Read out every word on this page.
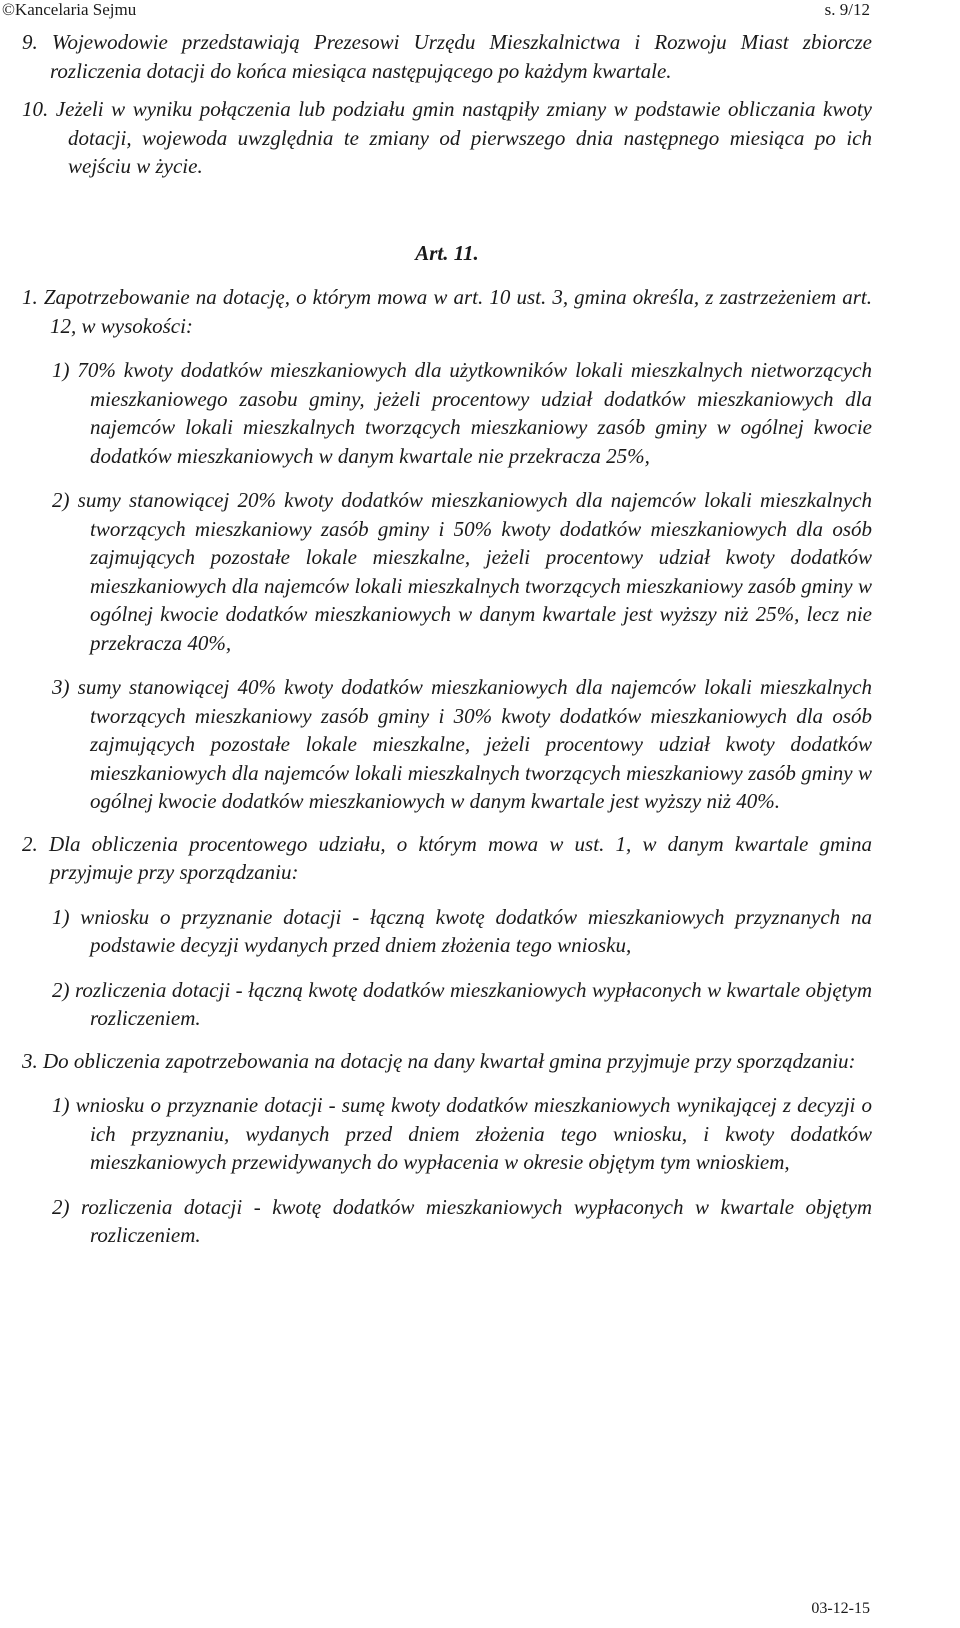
©Kancelaria Sejmu	s. 9/12

9. Wojewodowie przedstawiają Prezesowi Urzędu Mieszkalnictwa i Rozwoju Miast zbiorcze rozliczenia dotacji do końca miesiąca następującego po każdym kwartale.

10. Jeżeli w wyniku połączenia lub podziału gmin nastąpiły zmiany w podstawie obliczania kwoty dotacji, wojewoda uwzględnia te zmiany od pierwszego dnia następnego miesiąca po ich wejściu w życie.

Art. 11.

1. Zapotrzebowanie na dotację, o którym mowa w art. 10 ust. 3, gmina określa, z zastrzeżeniem art. 12, w wysokości:

1) 70% kwoty dodatków mieszkaniowych dla użytkowników lokali mieszkalnych nietworzących mieszkaniowego zasobu gminy, jeżeli procentowy udział dodatków mieszkaniowych dla najemców lokali mieszkalnych tworzących mieszkaniowy zasób gminy w ogólnej kwocie dodatków mieszkaniowych w danym kwartale nie przekracza 25%,

2) sumy stanowiącej 20% kwoty dodatków mieszkaniowych dla najemców lokali mieszkalnych tworzących mieszkaniowy zasób gminy i 50% kwoty dodatków mieszkaniowych dla osób zajmujących pozostałe lokale mieszkalne, jeżeli procentowy udział kwoty dodatków mieszkaniowych dla najemców lokali mieszkalnych tworzących mieszkaniowy zasób gminy w ogólnej kwocie dodatków mieszkaniowych w danym kwartale jest wyższy niż 25%, lecz nie przekracza 40%,

3) sumy stanowiącej 40% kwoty dodatków mieszkaniowych dla najemców lokali mieszkalnych tworzących mieszkaniowy zasób gminy i 30% kwoty dodatków mieszkaniowych dla osób zajmujących pozostałe lokale mieszkalne, jeżeli procentowy udział kwoty dodatków mieszkaniowych dla najemców lokali mieszkalnych tworzących mieszkaniowy zasób gminy w ogólnej kwocie dodatków mieszkaniowych w danym kwartale jest wyższy niż 40%.

2. Dla obliczenia procentowego udziału, o którym mowa w ust. 1, w danym kwartale gmina przyjmuje przy sporządzaniu:

1) wniosku o przyznanie dotacji - łączną kwotę dodatków mieszkaniowych przyznanych na podstawie decyzji wydanych przed dniem złożenia tego wniosku,

2) rozliczenia dotacji - łączną kwotę dodatków mieszkaniowych wypłaconych w kwartale objętym rozliczeniem.

3. Do obliczenia zapotrzebowania na dotację na dany kwartał gmina przyjmuje przy sporządzaniu:

1) wniosku o przyznanie dotacji - sumę kwoty dodatków mieszkaniowych wynikającej z decyzji o ich przyznaniu, wydanych przed dniem złożenia tego wniosku, i kwoty dodatków mieszkaniowych przewidywanych do wypłacenia w okresie objętym tym wnioskiem,

2) rozliczenia dotacji - kwotę dodatków mieszkaniowych wypłaconych w kwartale objętym rozliczeniem.

03-12-15
